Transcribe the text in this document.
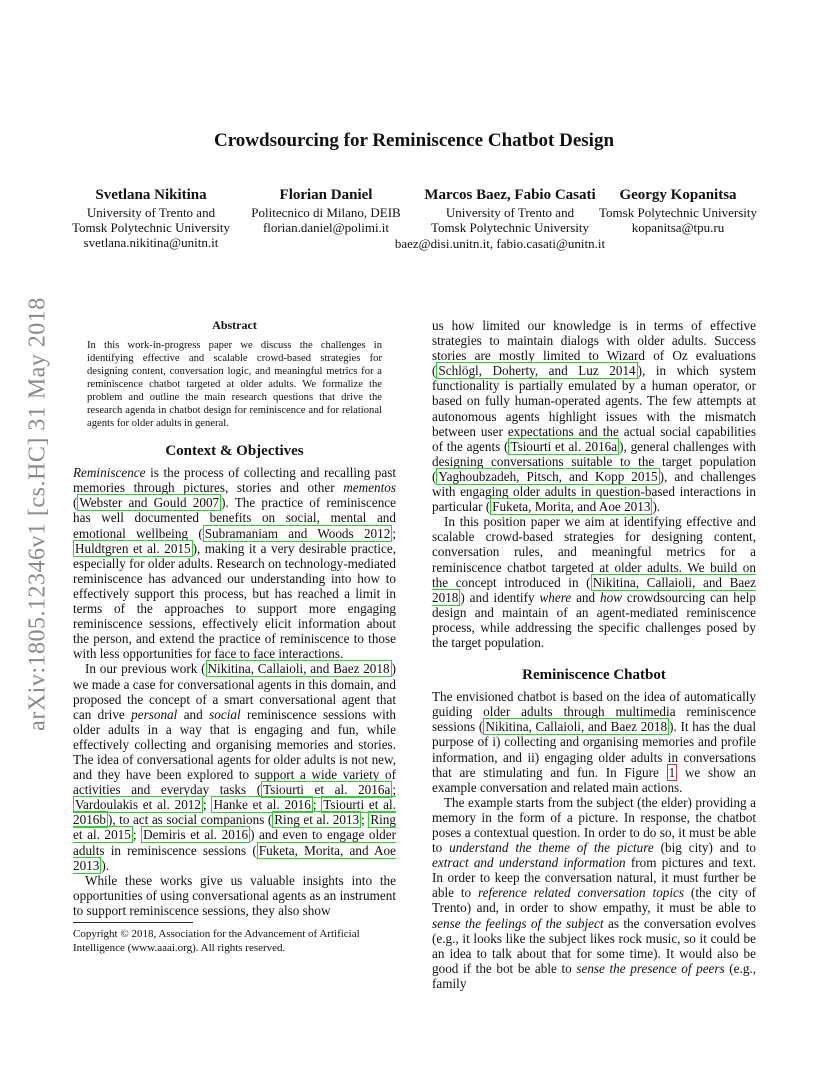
arXiv:1805.12346v1 [cs.HC] 31 May 2018
Crowdsourcing for Reminiscence Chatbot Design
Svetlana Nikitina
University of Trento and
Tomsk Polytechnic University
svetlana.nikitina@unitn.it
Florian Daniel
Politecnico di Milano, DEIB
florian.daniel@polimi.it
Marcos Baez, Fabio Casati
University of Trento and
Tomsk Polytechnic University
Georgy Kopanitsa
Tomsk Polytechnic University
kopanitsa@tpu.ru
baez@disi.unitn.it, fabio.casati@unitn.it
Abstract

In this work-in-progress paper we discuss the challenges in identifying effective and scalable crowd-based strategies for designing content, conversation logic, and meaningful metrics for a reminiscence chatbot targeted at older adults. We formalize the problem and outline the main research questions that drive the research agenda in chatbot design for reminiscence and for relational agents for older adults in general.

Context & Objectives

Reminiscence is the process of collecting and recalling past memories through pictures, stories and other mementos ( Webster and Gould 2007 ). The practice of reminiscence has well documented benefits on social, mental and emotional wellbeing ( Subramaniam and Woods 2012 ; Huldtgren et al. 2015 ), making it a very desirable practice, especially for older adults. Research on technology-mediated reminiscence has advanced our understanding into how to effectively support this process, but has reached a limit in terms of the approaches to support more engaging reminiscence sessions, effectively elicit information about the person, and extend the practice of reminiscence to those with less opportunities for face to face interactions.

In our previous work ( Nikitina, Callaioli, and Baez 2018 ) we made a case for conversational agents in this domain, and proposed the concept of a smart conversational agent that can drive personal and social reminiscence sessions with older adults in a way that is engaging and fun, while effectively collecting and organising memories and stories. The idea of conversational agents for older adults is not new, and they have been explored to support a wide variety of activities and everyday tasks ( Tsiourti et al. 2016a ; Vardoulakis et al. 2012 ; Hanke et al. 2016 ; Tsiourti et al. 2016b ), to act as social companions ( Ring et al. 2013 ; Ring et al. 2015 ; Demiris et al. 2016 ) and even to engage older adults in reminiscence sessions ( Fuketa, Morita, and Aoe 2013 ).

While these works give us valuable insights into the opportunities of using conversational agents as an instrument to support reminiscence sessions, they also show

Copyright © 2018, Association for the Advancement of Artificial
Intelligence (www.aaai.org). All rights reserved.

us how limited our knowledge is in terms of effective strategies to maintain dialogs with older adults. Success stories are mostly limited to Wizard of Oz evaluations ( Schlögl, Doherty, and Luz 2014 ), in which system functionality is partially emulated by a human operator, or based on fully human-operated agents. The few attempts at autonomous agents highlight issues with the mismatch between user expectations and the actual social capabilities of the agents ( Tsiourti et al. 2016a ), general challenges with designing conversations suitable to the target population ( Yaghoubzadeh, Pitsch, and Kopp 2015 ), and challenges with engaging older adults in question-based interactions in particular ( Fuketa, Morita, and Aoe 2013 ).

In this position paper we aim at identifying effective and scalable crowd-based strategies for designing content, conversation rules, and meaningful metrics for a reminiscence chatbot targeted at older adults. We build on the concept introduced in ( Nikitina, Callaioli, and Baez 2018 ) and identify where and how crowdsourcing can help design and maintain of an agent-mediated reminiscence process, while addressing the specific challenges posed by the target population.

Reminiscence Chatbot

The envisioned chatbot is based on the idea of automatically guiding older adults through multimedia reminiscence sessions ( Nikitina, Callaioli, and Baez 2018 ). It has the dual purpose of i) collecting and organising memories and profile information, and ii) engaging older adults in conversations that are stimulating and fun. In Figure 1 we show an example conversation and related main actions.

The example starts from the subject (the elder) providing a memory in the form of a picture. In response, the chatbot poses a contextual question. In order to do so, it must be able to understand the theme of the picture (big city) and to extract and understand information from pictures and text. In order to keep the conversation natural, it must further be able to reference related conversation topics (the city of Trento) and, in order to show empathy, it must be able to sense the feelings of the subject as the conversation evolves (e.g., it looks like the subject likes rock music, so it could be an idea to talk about that for some time). It would also be good if the bot be able to sense the presence of peers (e.g., family
